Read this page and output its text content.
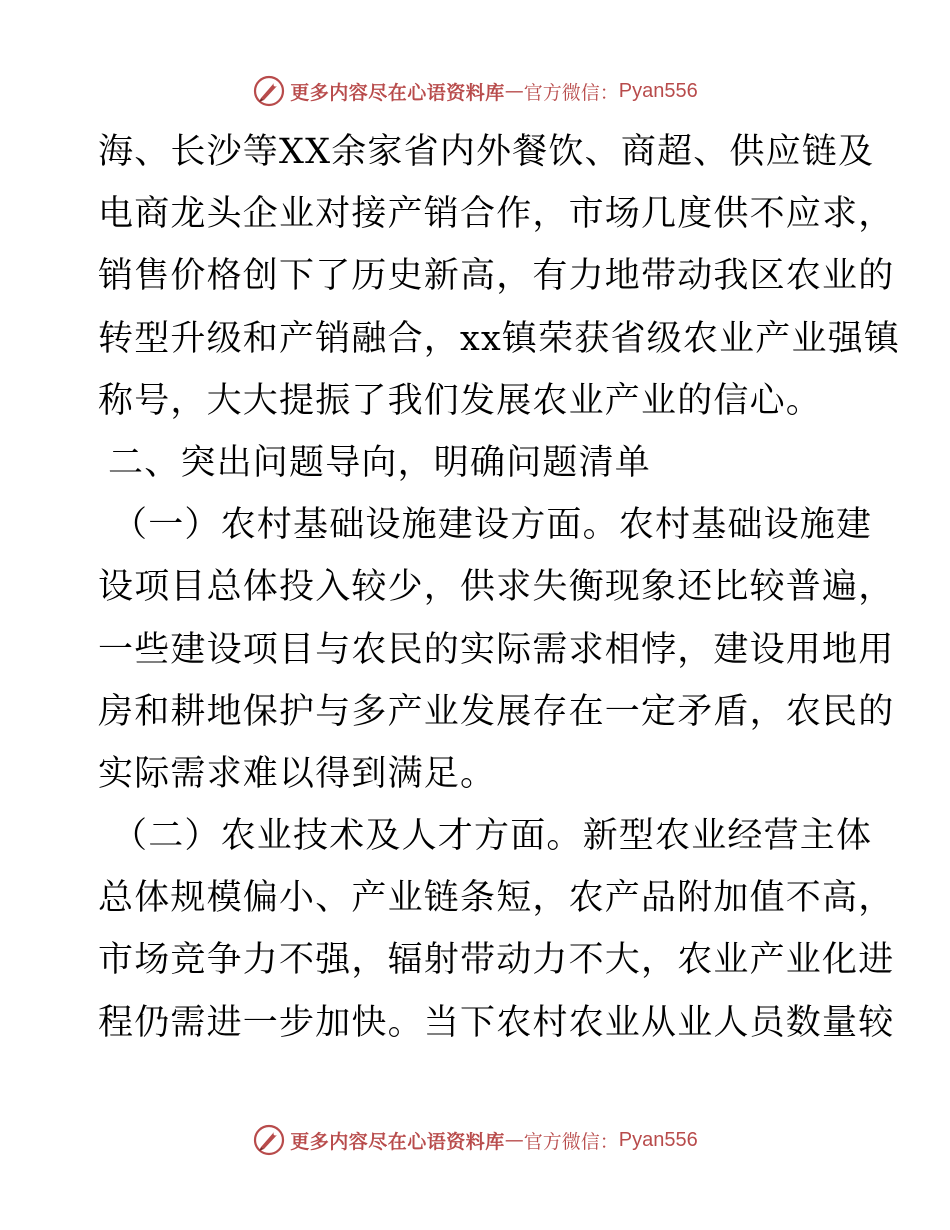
更多内容尽在心语资料库 — 官方微信： Pyan556
海、长沙等XX余家省内外餐饮、商超、供应链及
电商龙头企业对接产销合作，市场几度供不应求，
销售价格创下了历史新高，有力地带动我区农业的
转型升级和产销融合，xx镇荣获省级农业产业强镇
称号，大大提振了我们发展农业产业的信心。
二、突出问题导向，明确问题清单
（一）农村基础设施建设方面。农村基础设施建
设项目总体投入较少，供求失衡现象还比较普遍，
一些建设项目与农民的实际需求相悖，建设用地用
房和耕地保护与多产业发展存在一定矛盾，农民的
实际需求难以得到满足。
（二）农业技术及人才方面。新型农业经营主体
总体规模偏小、产业链条短，农产品附加值不高，
市场竞争力不强，辐射带动力不大，农业产业化进
程仍需进一步加快。当下农村农业从业人员数量较
更多内容尽在心语资料库 — 官方微信： Pyan556
